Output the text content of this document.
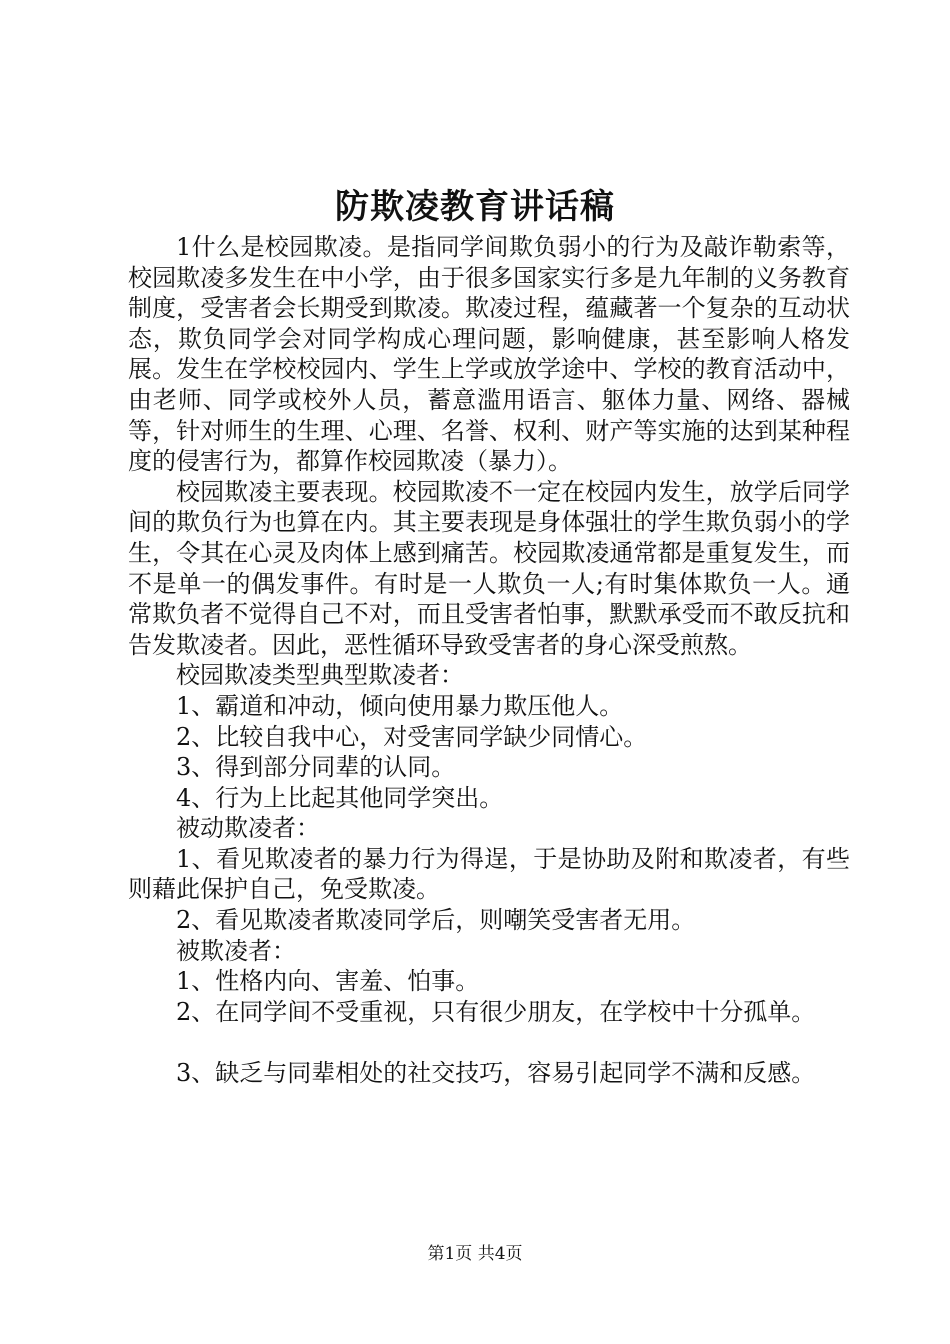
防欺凌教育讲话稿

1什么是校园欺凌。是指同学间欺负弱小的行为及敲诈勒索等，校园欺凌多发生在中小学，由于很多国家实行多是九年制的义务教育制度，受害者会长期受到欺凌。欺凌过程，蕴藏著一个复杂的互动状态，欺负同学会对同学构成心理问题，影响健康，甚至影响人格发展。发生在学校校园内、学生上学或放学途中、学校的教育活动中，由老师、同学或校外人员，蓄意滥用语言、躯体力量、网络、器械等，针对师生的生理、心理、名誉、权利、财产等实施的达到某种程度的侵害行为，都算作校园欺凌（暴力）。

校园欺凌主要表现。校园欺凌不一定在校园内发生，放学后同学间的欺负行为也算在内。其主要表现是身体强壮的学生欺负弱小的学生，令其在心灵及肉体上感到痛苦。校园欺凌通常都是重复发生，而不是单一的偶发事件。有时是一人欺负一人;有时集体欺负一人。通常欺负者不觉得自己不对，而且受害者怕事，默默承受而不敢反抗和告发欺凌者。因此，恶性循环导致受害者的身心深受煎熬。

校园欺凌类型典型欺凌者：

1、霸道和冲动，倾向使用暴力欺压他人。

2、比较自我中心，对受害同学缺少同情心。

3、得到部分同辈的认同。

4、行为上比起其他同学突出。

被动欺凌者：

1、看见欺凌者的暴力行为得逞，于是协助及附和欺凌者，有些则藉此保护自己，免受欺凌。

2、看见欺凌者欺凌同学后，则嘲笑受害者无用。

被欺凌者：

1、性格内向、害羞、怕事。

2、在同学间不受重视，只有很少朋友，在学校中十分孤单。

3、缺乏与同辈相处的社交技巧，容易引起同学不满和反感。

第1页 共4页
